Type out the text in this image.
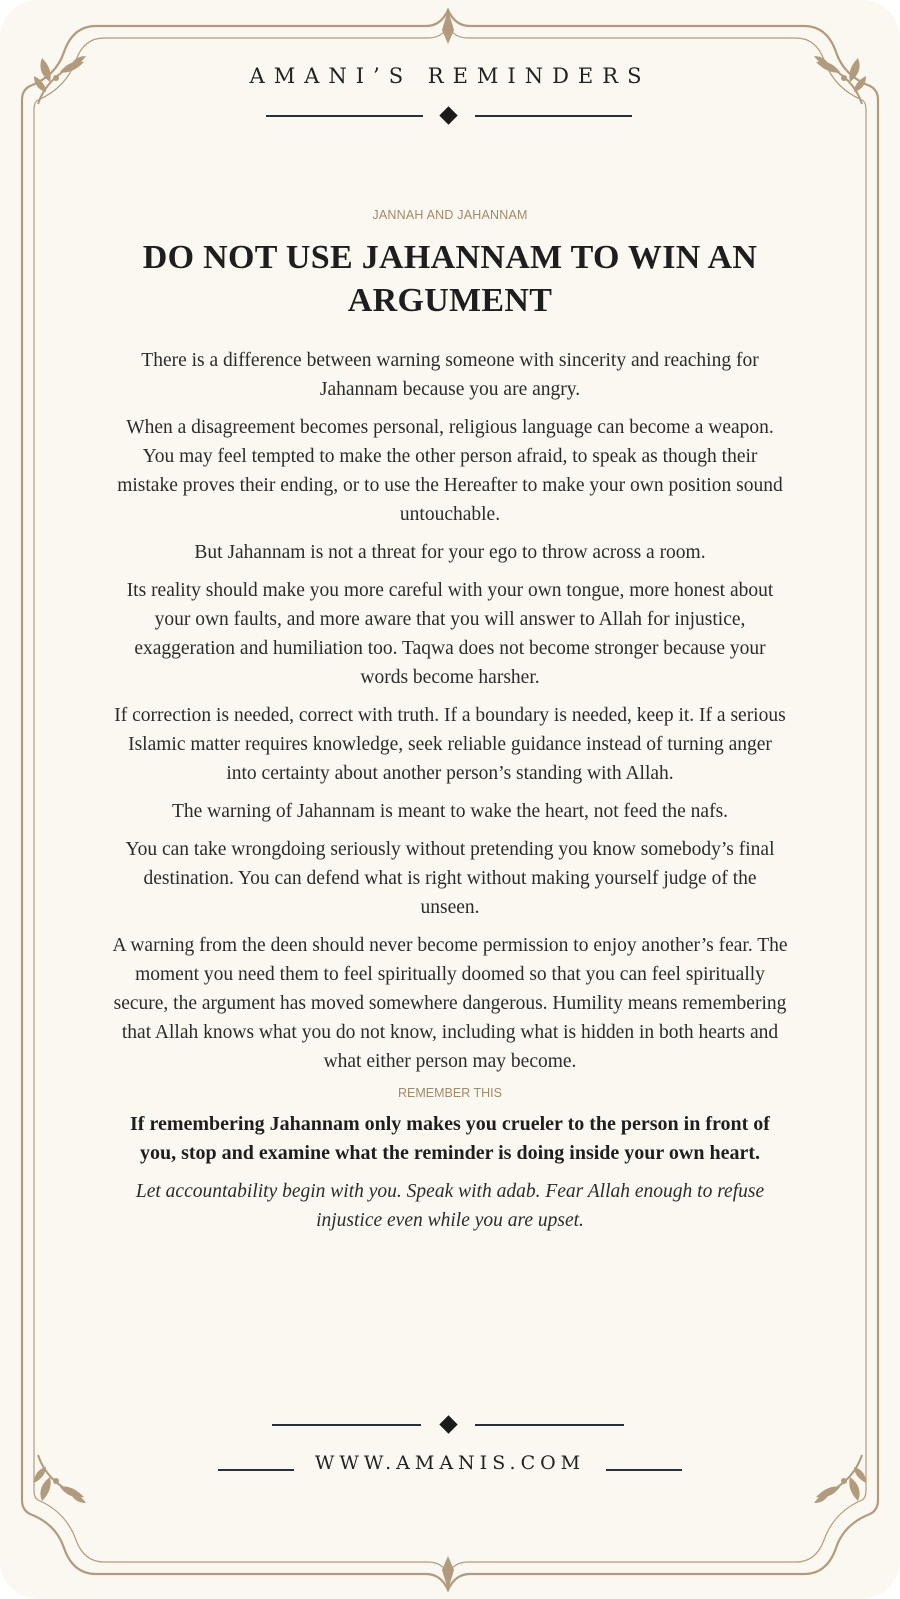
AMANI’S REMINDERS
JANNAH AND JAHANNAM
DO NOT USE JAHANNAM TO WIN AN ARGUMENT

There is a difference between warning someone with sincerity and reaching for Jahannam because you are angry.

When a disagreement becomes personal, religious language can become a weapon. You may feel tempted to make the other person afraid, to speak as though their mistake proves their ending, or to use the Hereafter to make your own position sound untouchable.

But Jahannam is not a threat for your ego to throw across a room.

Its reality should make you more careful with your own tongue, more honest about your own faults, and more aware that you will answer to Allah for injustice, exaggeration and humiliation too. Taqwa does not become stronger because your words become harsher.

If correction is needed, correct with truth. If a boundary is needed, keep it. If a serious Islamic matter requires knowledge, seek reliable guidance instead of turning anger into certainty about another person’s standing with Allah.

The warning of Jahannam is meant to wake the heart, not feed the nafs.

You can take wrongdoing seriously without pretending you know somebody’s final destination. You can defend what is right without making yourself judge of the unseen.

A warning from the deen should never become permission to enjoy another’s fear. The moment you need them to feel spiritually doomed so that you can feel spiritually secure, the argument has moved somewhere dangerous. Humility means remembering that Allah knows what you do not know, including what is hidden in both hearts and what either person may become.

REMEMBER THIS

If remembering Jahannam only makes you crueler to the person in front of you, stop and examine what the reminder is doing inside your own heart.

Let accountability begin with you. Speak with adab. Fear Allah enough to refuse injustice even while you are upset.

WWW.AMANIS.COM
